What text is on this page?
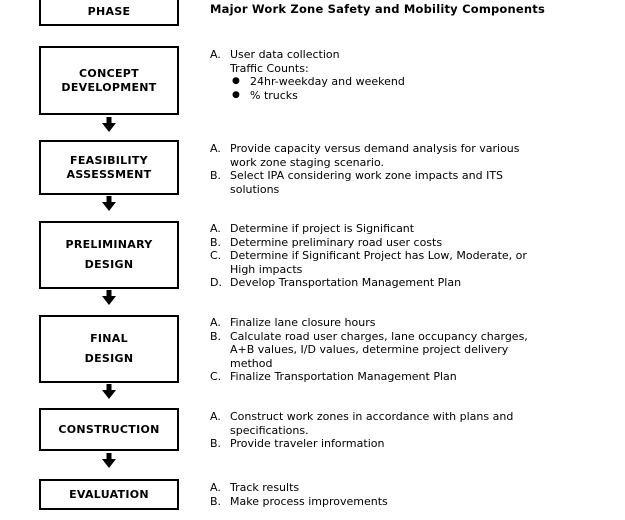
PHASE	Major Work Zone Safety and Mobility Components
CONCEPT
DEVELOPMENT
A. User data collection
Traffic Counts:
● 24hr-weekday and weekend
● % trucks
FEASIBILITY
ASSESSMENT
A. Provide capacity versus demand analysis for various work zone staging scenario.
B. Select IPA considering work zone impacts and ITS solutions
PRELIMINARY
DESIGN
A. Determine if project is Significant
B. Determine preliminary road user costs
C. Determine if Significant Project has Low, Moderate, or High impacts
D. Develop Transportation Management Plan
FINAL
DESIGN
A. Finalize lane closure hours
B. Calculate road user charges, lane occupancy charges, A+B values, I/D values, determine project delivery method
C. Finalize Transportation Management Plan
CONSTRUCTION
A. Construct work zones in accordance with plans and specifications.
B. Provide traveler information
EVALUATION	A. Track results
B. Make process improvements
